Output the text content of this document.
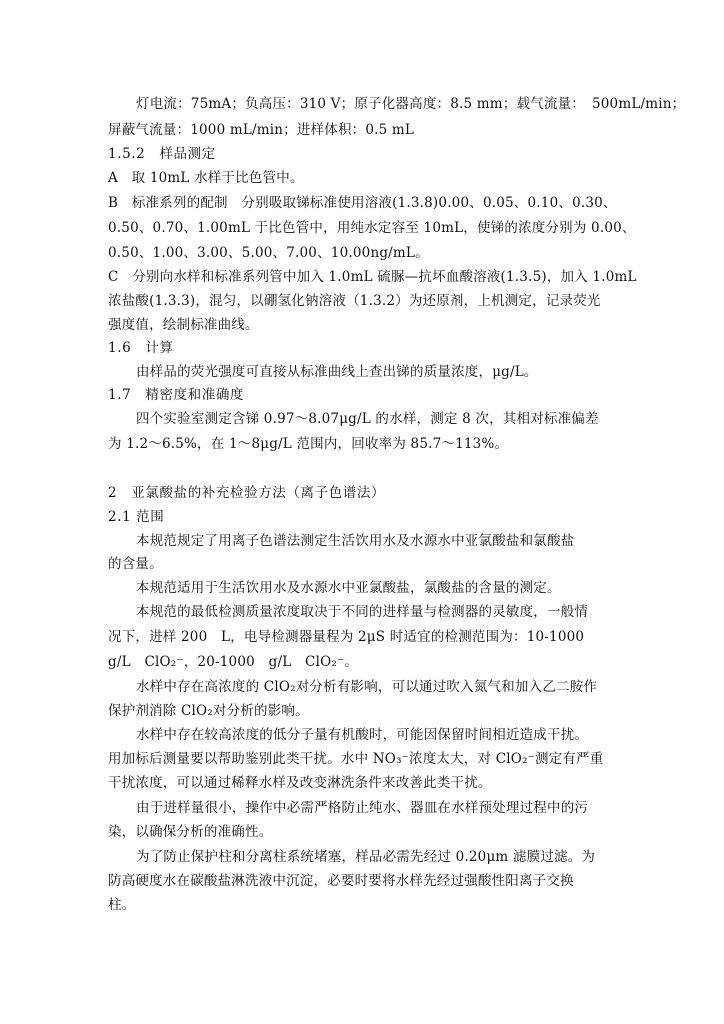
灯电流：75mA；负高压：310 V；原子化器高度：8.5 mm；载气流量：　500mL/min；
屏蔽气流量：1000 mL/min；进样体积：0.5 mL
1.5.2　样品测定
A　取 10mL 水样于比色管中。
B　标准系列的配制　分别吸取锑标准使用溶液(1.3.8)0.00、0.05、0.10、0.30、
0.50、0.70、1.00mL 于比色管中，用纯水定容至 10mL，使锑的浓度分别为 0.00、
0.50、1.00、3.00、5.00、7.00、10.00ng/mL。
C　分别向水样和标准系列管中加入 1.0mL 硫脲—抗坏血酸溶液(1.3.5)，加入 1.0mL
浓盐酸(1.3.3)，混匀，以硼氢化钠溶液（1.3.2）为还原剂，上机测定，记录荧光
强度值，绘制标准曲线。
1.6　计算
由样品的荧光强度可直接从标准曲线上查出锑的质量浓度，μg/L。
1.7　精密度和准确度
四个实验室测定含锑 0.97～8.07μg/L 的水样，测定 8 次，其相对标准偏差
为 1.2～6.5%，在 1～8μg/L 范围内，回收率为 85.7～113%。
2　亚氯酸盐的补充检验方法（离子色谱法）
2.1 范围
本规范规定了用离子色谱法测定生活饮用水及水源水中亚氯酸盐和氯酸盐
的含量。
本规范适用于生活饮用水及水源水中亚氯酸盐，氯酸盐的含量的测定。
本规范的最低检测质量浓度取决于不同的进样量与检测器的灵敏度，一般情
况下，进样 200　L，电导检测器量程为 2μS 时适宜的检测范围为：10-1000
g/L　ClO₂⁻，20-1000　g/L　ClO₂⁻。
水样中存在高浓度的 ClO₂对分析有影响，可以通过吹入氮气和加入乙二胺作
保护剂消除 ClO₂对分析的影响。
水样中存在较高浓度的低分子量有机酸时，可能因保留时间相近造成干扰。
用加标后测量要以帮助鉴别此类干扰。水中 NO₃⁻浓度太大，对 ClO₂⁻测定有严重
干扰浓度，可以通过稀释水样及改变淋洗条件来改善此类干扰。
由于进样量很小，操作中必需严格防止纯水、器皿在水样预处理过程中的污
染，以确保分析的准确性。
为了防止保护柱和分离柱系统堵塞，样品必需先经过 0.20μm 滤膜过滤。为
防高硬度水在碳酸盐淋洗液中沉淀，必要时要将水样先经过强酸性阳离子交换
柱。
